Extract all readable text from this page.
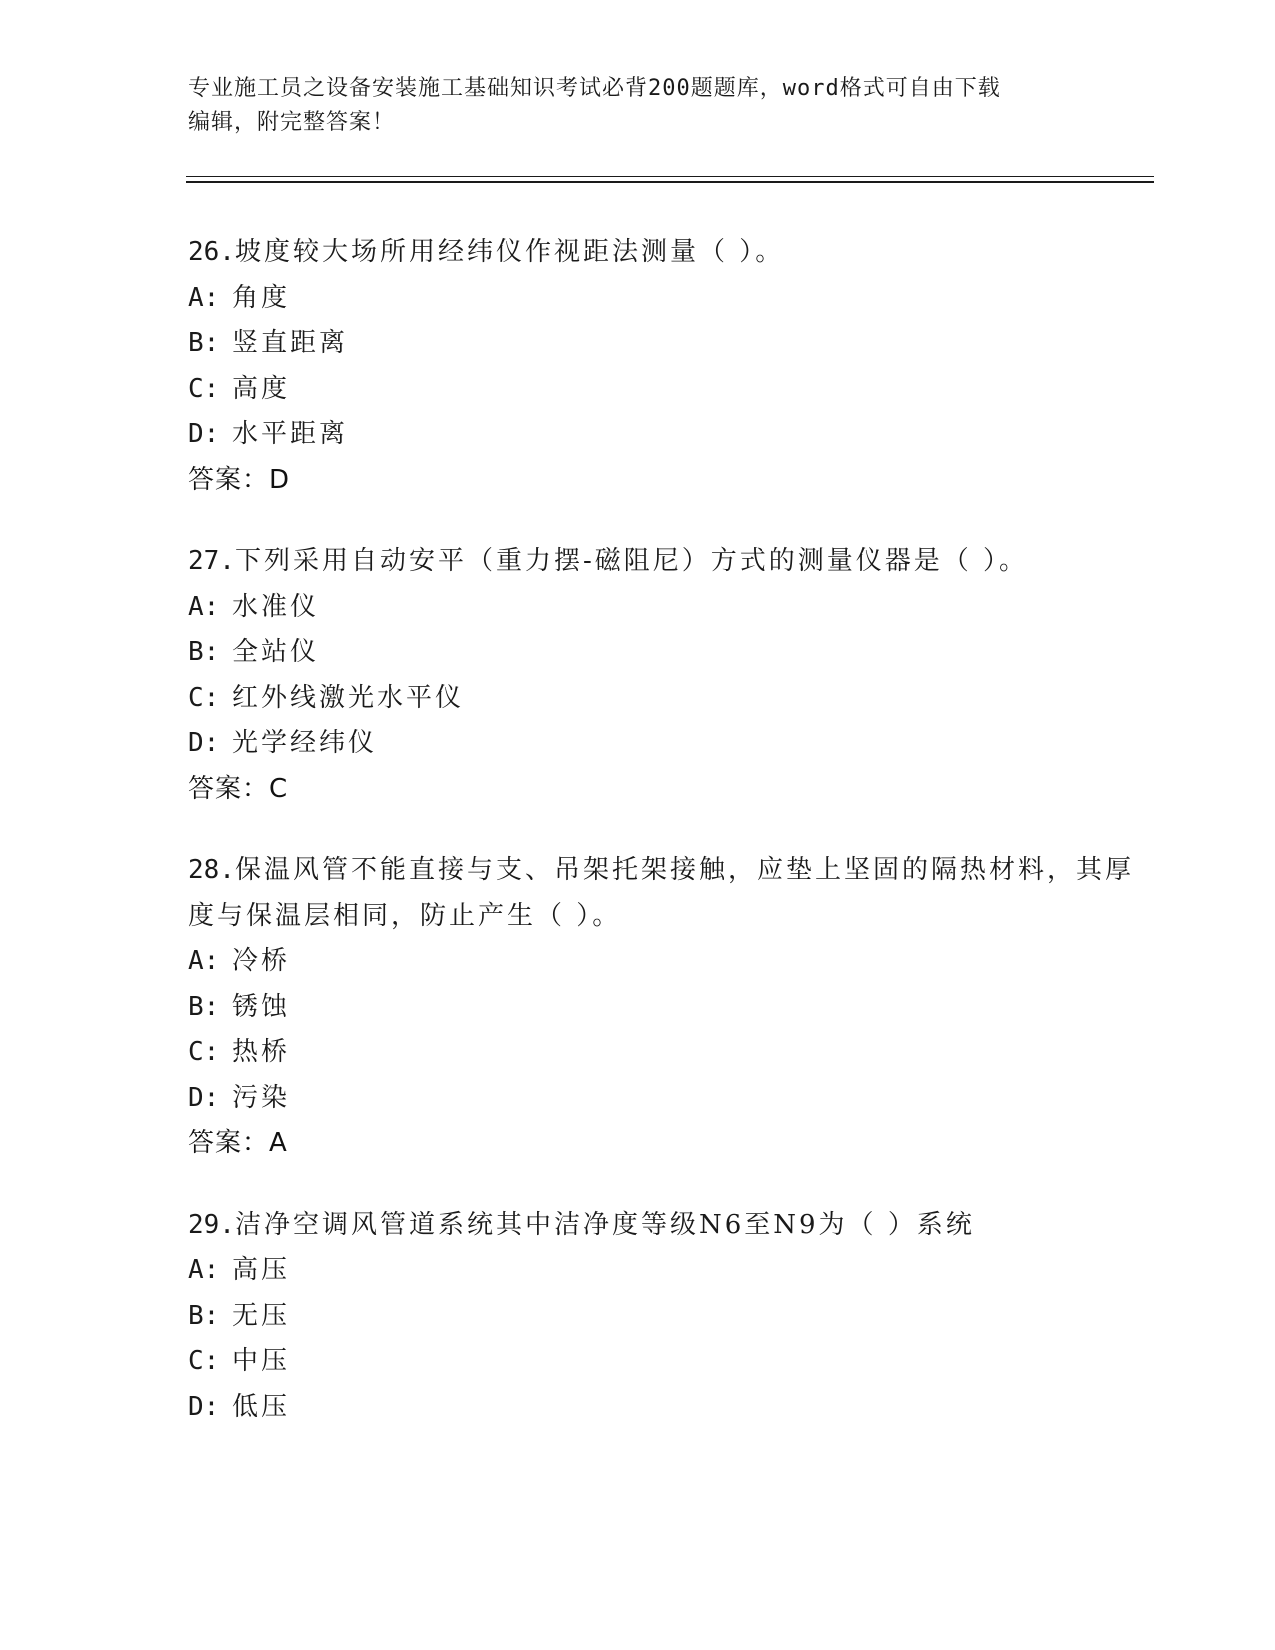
专业施工员之设备安装施工基础知识考试必背200题题库，word格式可自由下载
编辑，附完整答案！
26.坡度较大场所用经纬仪作视距法测量（ ）。
A: 角度
B: 竖直距离
C: 高度
D: 水平距离
答案：D
27.下列采用自动安平（重力摆-磁阻尼）方式的测量仪器是（ ）。
A: 水准仪
B: 全站仪
C: 红外线激光水平仪
D: 光学经纬仪
答案：C
28.保温风管不能直接与支、吊架托架接触，应垫上坚固的隔热材料，其厚度与保温层相同，防止产生（ ）。
A: 冷桥
B: 锈蚀
C: 热桥
D: 污染
答案：A
29.洁净空调风管道系统其中洁净度等级N6至N9为（ ）系统
A: 高压
B: 无压
C: 中压
D: 低压
